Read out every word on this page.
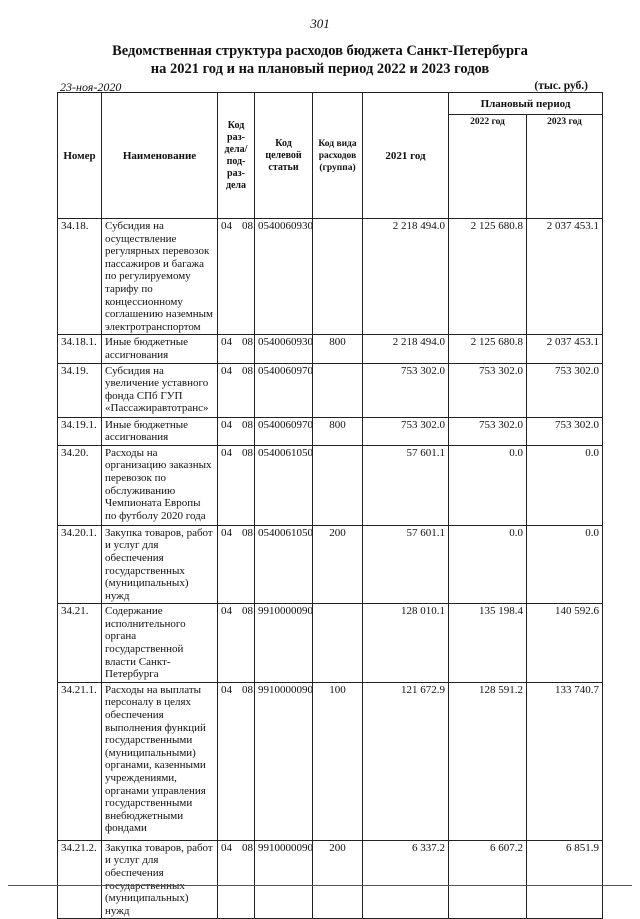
301
Ведомственная структура расходов бюджета Санкт-Петербурга
на 2021 год и на плановый период 2022 и 2023 годов
23-ноя-2020	(тыс. руб.)
Номер	Наименование	Код раз-дела/ под-раз-дела	Код целевой статьи	Код вида расходов (группа)	2021 год	Плановый период	
						2022 год	2023 год
34.18.	Субсидия на осуществление регулярных перевозок пассажиров и багажа по регулируемому тарифу по концессионному соглашению наземным электротранспортом	04 08	0540060930		2 218 494.0	2 125 680.8	2 037 453.1
34.18.1.	Иные бюджетные ассигнования	04 08	0540060930	800	2 218 494.0	2 125 680.8	2 037 453.1
34.19.	Субсидия на увеличение уставного фонда СПб ГУП «Пассажиравтотранс»	04 08	0540060970		753 302.0	753 302.0	753 302.0
34.19.1.	Иные бюджетные ассигнования	04 08	0540060970	800	753 302.0	753 302.0	753 302.0
34.20.	Расходы на организацию заказных перевозок по обслуживанию Чемпионата Европы по футболу 2020 года	04 08	0540061050		57 601.1	0.0	0.0
34.20.1.	Закупка товаров, работ и услуг для обеспечения государственных (муниципальных) нужд	04 08	0540061050	200	57 601.1	0.0	0.0
34.21.	Содержание исполнительного органа государственной власти Санкт-Петербурга	04 08	9910000090		128 010.1	135 198.4	140 592.6
34.21.1.	Расходы на выплаты персоналу в целях обеспечения выполнения функций государственными (муниципальными) органами, казенными учреждениями, органами управления государственными внебюджетными фондами	04 08	9910000090	100	121 672.9	128 591.2	133 740.7
34.21.2.	Закупка товаров, работ и услуг для обеспечения государственных (муниципальных) нужд	04 08	9910000090	200	6 337.2	6 607.2	6 851.9
